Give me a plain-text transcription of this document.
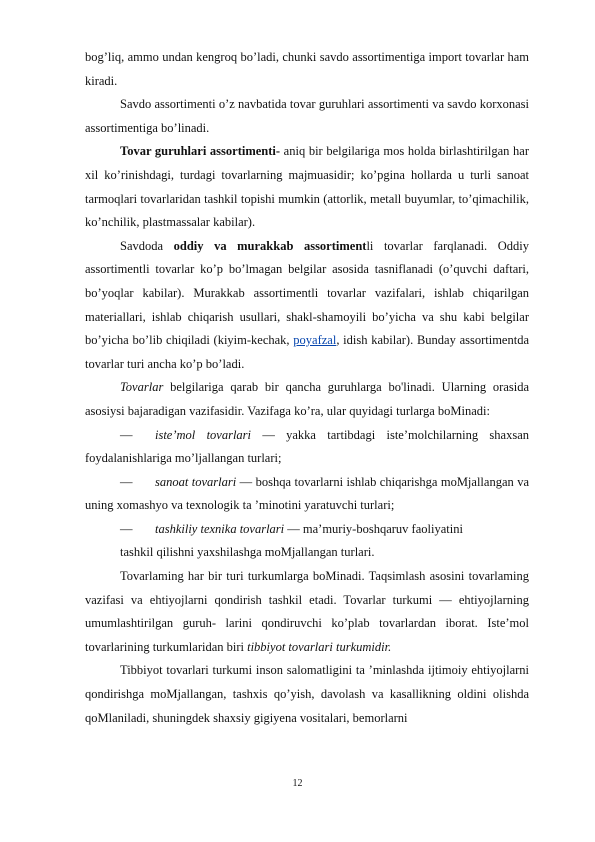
bog’liq, ammo undan kengroq bo’ladi, chunki savdo assortimentiga import tovarlar ham kiradi.

Savdo assortimenti o’z navbatida tovar guruhlari assortimenti va savdo korxonasi assortimentiga bo’linadi.

Tovar guruhlari assortimenti- aniq bir belgilariga mos holda birlashtirilgan har xil ko’rinishdagi, turdagi tovarlarning majmuasidir; ko’pgina hollarda u turli sanoat tarmoqlari tovarlaridan tashkil topishi mumkin (attorlik, metall buyumlar, to’qimachilik, ko’nchilik, plastmassalar kabilar).

Savdoda oddiy va murakkab assortimentli tovarlar farqlanadi. Oddiy assortimentli tovarlar ko’p bo’lmagan belgilar asosida tasniflanadi (o’quvchi daftari, bo’yoqlar kabilar). Murakkab assortimentli tovarlar vazifalari, ishlab chiqarilgan materiallari, ishlab chiqarish usullari, shakl-shamoyili bo’yicha va shu kabi belgilar bo’yicha bo’lib chiqiladi (kiyim-kechak, poyafzal, idish kabilar). Bunday assortimentda tovarlar turi ancha ko’p bo’ladi.

Tovarlar belgilariga qarab bir qancha guruhlarga bo'linadi. Ularning orasida asosiysi bajaradigan vazifasidir. Vazifaga ko’ra, ular quyidagi turlarga boMinadi:

— iste’mol tovarlari — yakka tartibdagi iste’molchilarning shaxsan foydalanishlariga mo’ljallangan turlari;

— sanoat tovarlari — boshqa tovarlarni ishlab chiqarishga moMjallangan va uning xomashyo va texnologik ta ’minotini yaratuvchi turlari;

— tashkiliy texnika tovarlari — ma’muriy-boshqaruv faoliyatini

tashkil qilishni yaxshilashga moMjallangan turlari.

Tovarlaming har bir turi turkumlarga boMinadi. Taqsimlash asosini tovarlaming vazifasi va ehtiyojlarni qondirish tashkil etadi. Tovarlar turkumi — ehtiyojlarning umumlashtirilgan guruh- larini qondiruvchi ko’plab tovarlardan iborat. Iste’mol tovarlarining turkumlaridan biri tibbiyot tovarlari turkumidir.

Tibbiyot tovarlari turkumi inson salomatligini ta ’minlashda ijtimoiy ehtiyojlarni qondirishga moMjallangan, tashxis qo’yish, davolash va kasallikning oldini olishda qoMlaniladi, shuningdek shaxsiy gigiyena vositalari, bemorlarni

12
